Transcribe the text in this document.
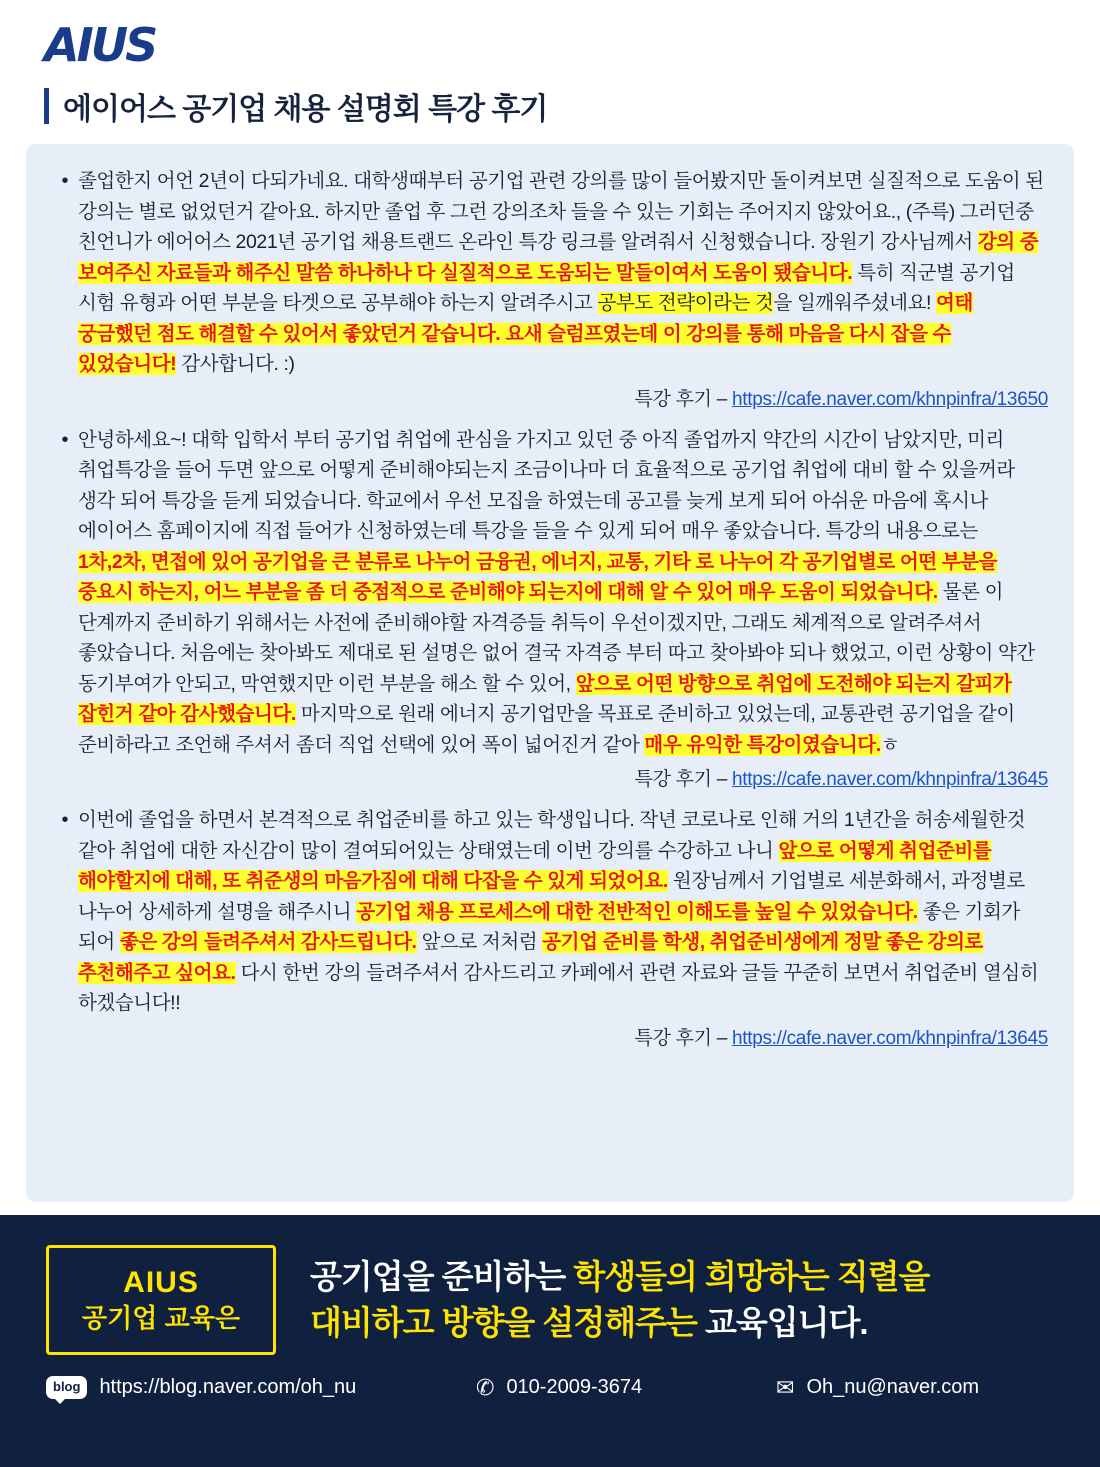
AIUS
에이어스 공기업 채용 설명회 특강 후기
• 졸업한지 어언 2년이 다되가네요. 대학생때부터 공기업 관련 강의를 많이 들어봤지만 돌이켜보면 실질적으로 도움이 된 강의는 별로 없었던거 같아요. 하지만 졸업 후 그런 강의조차 들을 수 있는 기회는 주어지지 않았어요., (주륵) 그러던중 친언니가 에어어스 2021년 공기업 채용트랜드 온라인 특강 링크를 알려줘서 신청했습니다. 장원기 강사님께서 강의 중 보여주신 자료들과 해주신 말씀 하나하나 다 실질적으로 도움되는 말들이여서 도움이 됐습니다. 특히 직군별 공기업 시험 유형과 어떤 부분을 타겟으로 공부해야 하는지 알려주시고 공부도 전략이라는 것을 일깨워주셨네요! 여태 궁금했던 점도 해결할 수 있어서 좋았던거 같습니다. 요새 슬럼프였는데 이 강의를 통해 마음을 다시 잡을 수 있었습니다! 감사합니다. :)
특강 후기 – https://cafe.naver.com/khnpinfra/13650
• 안녕하세요~! 대학 입학서 부터 공기업 취업에 관심을 가지고 있던 중 아직 졸업까지 약간의 시간이 남았지만, 미리 취업특강을 들어 두면 앞으로 어떻게 준비해야되는지 조금이나마 더 효율적으로 공기업 취업에 대비 할 수 있을꺼라 생각 되어 특강을 듣게 되었습니다. 학교에서 우선 모집을 하였는데 공고를 늦게 보게 되어 아쉬운 마음에 혹시나 에이어스 홈페이지에 직접 들어가 신청하였는데 특강을 들을 수 있게 되어 매우 좋았습니다. 특강의 내용으로는 1차,2차, 면접에 있어 공기업을 큰 분류로 나누어 금융권, 에너지, 교통, 기타 로 나누어 각 공기업별로 어떤 부분을 중요시 하는지, 어느 부분을 좀 더 중점적으로 준비해야 되는지에 대해 알 수 있어 매우 도움이 되었습니다. 물론 이 단계까지 준비하기 위해서는 사전에 준비해야할 자격증들 취득이 우선이겠지만, 그래도 체계적으로 알려주셔서 좋았습니다. 처음에는 찾아봐도 제대로 된 설명은 없어 결국 자격증 부터 따고 찾아봐야 되나 했었고, 이런 상황이 약간 동기부여가 안되고, 막연했지만 이런 부분을 해소 할 수 있어, 앞으로 어떤 방향으로 취업에 도전해야 되는지 갈피가 잡힌거 같아 감사했습니다. 마지막으로 원래 에너지 공기업만을 목표로 준비하고 있었는데, 교통관련 공기업을 같이 준비하라고 조언해 주셔서 좀더 직업 선택에 있어 폭이 넓어진거 같아 매우 유익한 특강이였습니다.ㅎ
특강 후기 – https://cafe.naver.com/khnpinfra/13645
• 이번에 졸업을 하면서 본격적으로 취업준비를 하고 있는 학생입니다. 작년 코로나로 인해 거의 1년간을 허송세월한것 같아 취업에 대한 자신감이 많이 결여되어있는 상태였는데 이번 강의를 수강하고 나니 앞으로 어떻게 취업준비를 해야할지에 대해, 또 취준생의 마음가짐에 대해 다잡을 수 있게 되었어요. 원장님께서 기업별로 세분화해서, 과정별로 나누어 상세하게 설명을 해주시니 공기업 채용 프로세스에 대한 전반적인 이해도를 높일 수 있었습니다. 좋은 기회가 되어 좋은 강의 들려주셔서 감사드립니다. 앞으로 저처럼 공기업 준비를 학생, 취업준비생에게 정말 좋은 강의로 추천해주고 싶어요. 다시 한번 강의 들려주셔서 감사드리고 카페에서 관련 자료와 글들 꾸준히 보면서 취업준비 열심히 하겠습니다!!
특강 후기 – https://cafe.naver.com/khnpinfra/13645
AIUS
공기업 교육은
공기업을 준비하는 학생들의 희망하는 직렬을
대비하고 방향을 설정해주는 교육입니다.
blog https://blog.naver.com/oh_nu	✆ 010-2009-3674	✉ Oh_nu@naver.com
